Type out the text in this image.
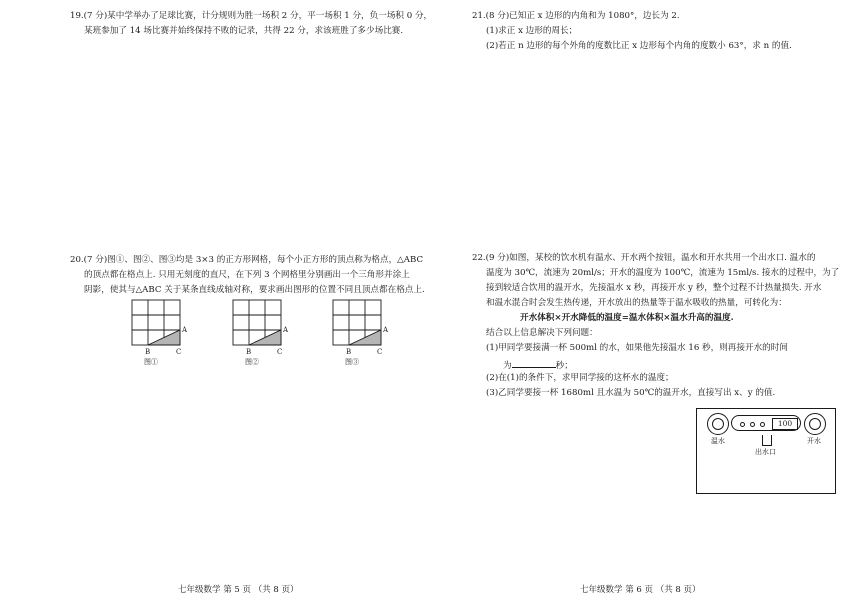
19.(7 分)某中学举办了足球比赛，计分规则为胜一场积 2 分，平一场积 1 分，负一场积 0 分，
某班参加了 14 场比赛并始终保持不败的记录，共得 22 分，求该班胜了多少场比赛.
20.(7 分)图①、图②、图③均是 3×3 的正方形网格，每个小正方形的顶点称为格点，△ABC
的顶点都在格点上. 只用无刻度的直尺，在下列 3 个网格里分别画出一个三角形并涂上
阴影，使其与△ABC 关于某条直线成轴对称，要求画出图形的位置不同且顶点都在格点上.
A
B	C
图①
A
B	C
图②
A
B	C
图③
21.(8 分)已知正 x 边形的内角和为 1080°，边长为 2.
(1)求正 x 边形的周长；
(2)若正 n 边形的每个外角的度数比正 x 边形每个内角的度数小 63°，求 n 的值.
22.(9 分)如图，某校的饮水机有温水、开水两个按钮，温水和开水共用一个出水口. 温水的
温度为 30℃，流速为 20ml/s；开水的温度为 100℃，流速为 15ml/s. 接水的过程中，为了
接到较适合饮用的温开水，先接温水 x 秒，再接开水 y 秒，整个过程不计热量损失. 开水
和温水混合时会发生热传递，开水放出的热量等于温水吸收的热量，可转化为：
开水体积×开水降低的温度=温水体积×温水升高的温度.
结合以上信息解决下列问题：
(1)甲同学要接满一杯 500ml 的水，如果他先接温水 16 秒，则再接开水的时间
为	秒；
(2)在(1)的条件下，求甲同学接的这杯水的温度；
(3)乙同学要接一杯 1680ml 且水温为 50℃的温开水，直接写出 x、y 的值.
100
温水	开水
出水口
七年级数学 第 5 页 （共 8 页）	七年级数学 第 6 页 （共 8 页）
